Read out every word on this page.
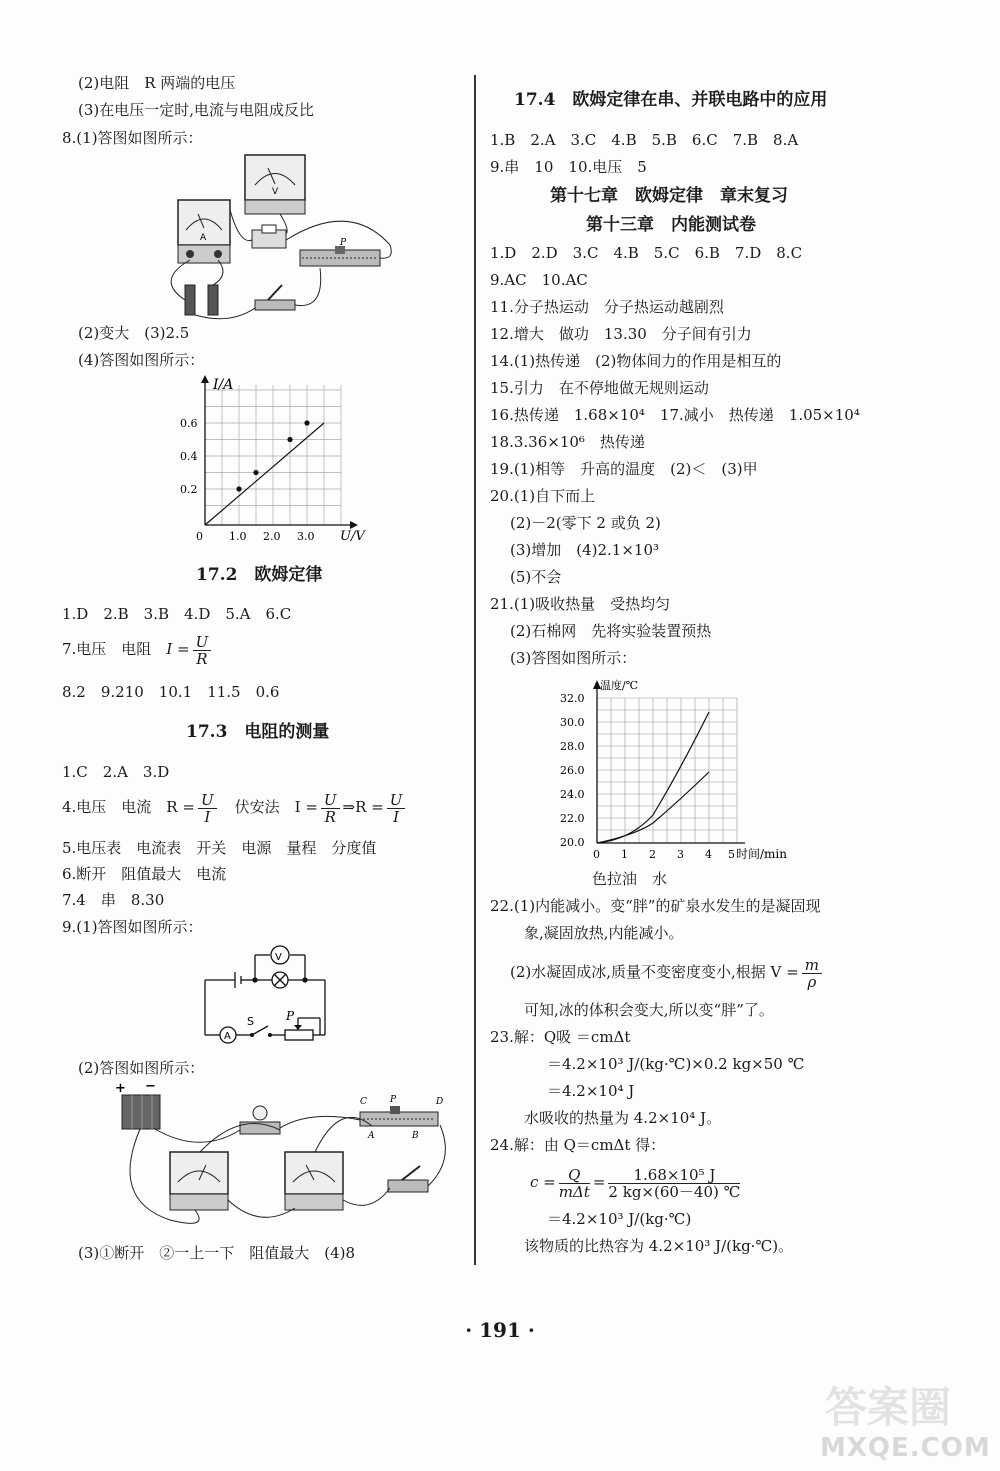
(2)电阻　R 两端的电压
(3)在电压一定时,电流与电阻成反比
8.(1)答图如图所示：
V
A	P
(2)变大　(3)2.5
(4)答图如图所示：
I/A
U/V
0.6
0.4
0.2
0 1.0 2.0 3.0
17.2　欧姆定律
1.D　2.B　3.B　4.D　5.A　6.C
7.电压　电阻　$I = \frac{U}{R}$
8.2　9.210　10.1　11.5　0.6
17.3　电阻的测量
1.C　2.A　3.D
4.电压　电流　$R = \frac{U}{I}$
　 伏安法　$I = \frac{U}{R}$ ⇒R = $\frac{U}{I}$
5.电压表　电流表　开关　电源　量程　分度值
6.断开　阻值最大　电流
7.4　串　8.30
9.(1)答图如图所示：
V
A
S	P
(2)答图如图所示：
+ −
C	P	D
A	B
(3)①断开　②一上一下　阻值最大　(4)8
17.4　欧姆定律在串、并联电路中的应用
1.B　2.A　3.C　4.B　5.B　6.C　7.B　8.A
9.串　10　10.电压　5
第十七章　欧姆定律　章末复习
第十三章　内能测试卷
1.D　2.D　3.C　4.B　5.C　6.B　7.D　8.C
9.AC　10.AC
11.分子热运动　分子热运动越剧烈
12.增大　做功　13.30　分子间有引力
14.(1)热传递　(2)物体间力的作用是相互的
15.引力　在不停地做无规则运动
16.热传递　1.68×10⁴　17.减小　热传递　1.05×10⁴
18.3.36×10⁶　热传递
19.(1)相等　升高的温度　(2)＜　(3)甲
20.(1)自下而上
(2)－2(零下 2 或负 2)
(3)增加　(4)2.1×10³
(5)不会
21.(1)吸收热量　受热均匀
(2)石棉网　先将实验装置预热
(3)答图如图所示：
温度/℃
时间/min
32.0
30.0
28.0
26.0
24.0
22.0
20.0
0 1 2 3 4 5
色拉油　水
22.(1)内能减小。变“胖”的矿泉水发生的是凝固现
象,凝固放热,内能减小。
(2)水凝固成冰,质量不变密度变小,根据 $V = \frac{m}{\rho}$
可知,冰的体积会变大,所以变“胖”了。
23.解：Q吸 ＝cmΔt
＝4.2×10³ J/(kg·℃)×0.2 kg×50 ℃
＝4.2×10⁴ J
水吸收的热量为 4.2×10⁴ J。
24.解：由 Q＝cmΔt 得：
$c = \frac{Q}{\text{mΔt}} = \frac{\text{1.68×10⁵ J}}{2 kg\times(60-40) ℃}$
＝4.2×10³ J/(kg·℃)
该物质的比热容为 4.2×10³ J/(kg·℃)。
· 191 ·
答案圈
MXQE.COM
